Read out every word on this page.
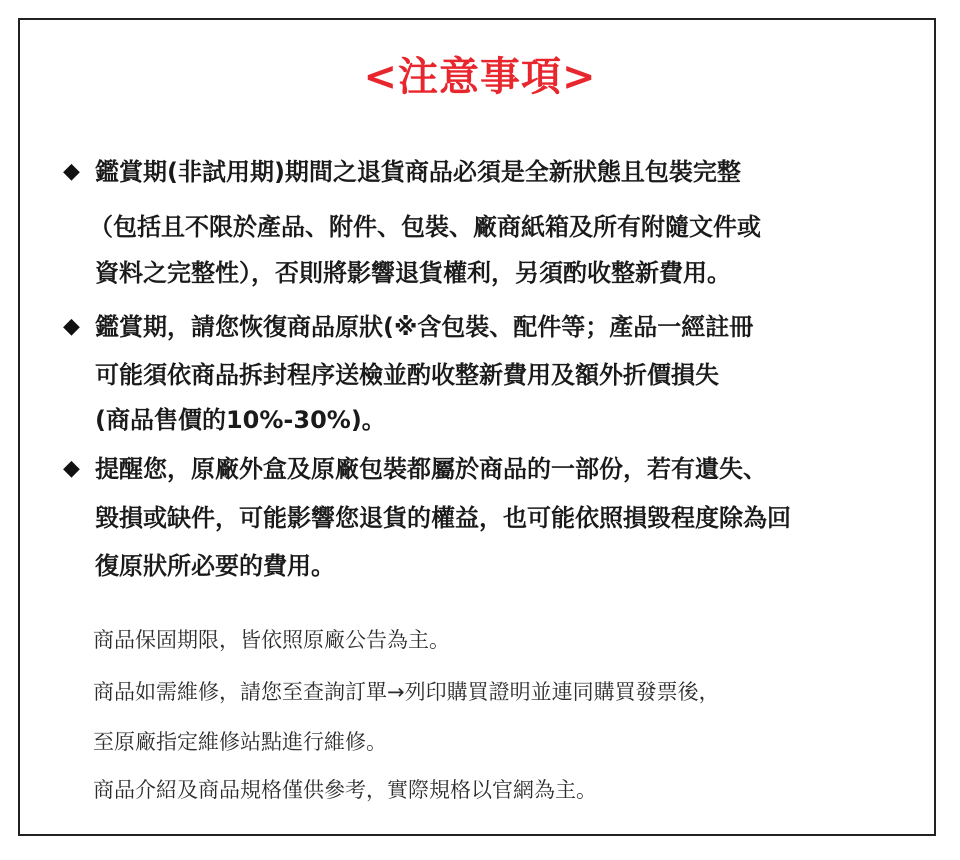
<注意事項>
◆ 鑑賞期(非試用期)期間之退貨商品必須是全新狀態且包裝完整
（包括且不限於產品、附件、包裝、廠商紙箱及所有附隨文件或
資料之完整性），否則將影響退貨權利，另須酌收整新費用。
◆ 鑑賞期，請您恢復商品原狀(※含包裝、配件等；產品一經註冊
可能須依商品拆封程序送檢並酌收整新費用及額外折價損失
(商品售價的10%-30%)。
◆ 提醒您，原廠外盒及原廠包裝都屬於商品的一部份，若有遺失、
毀損或缺件，可能影響您退貨的權益，也可能依照損毀程度除為回
復原狀所必要的費用。
商品保固期限，皆依照原廠公告為主。
商品如需維修，請您至查詢訂單→列印購買證明並連同購買發票後，
至原廠指定維修站點進行維修。
商品介紹及商品規格僅供參考，實際規格以官網為主。
